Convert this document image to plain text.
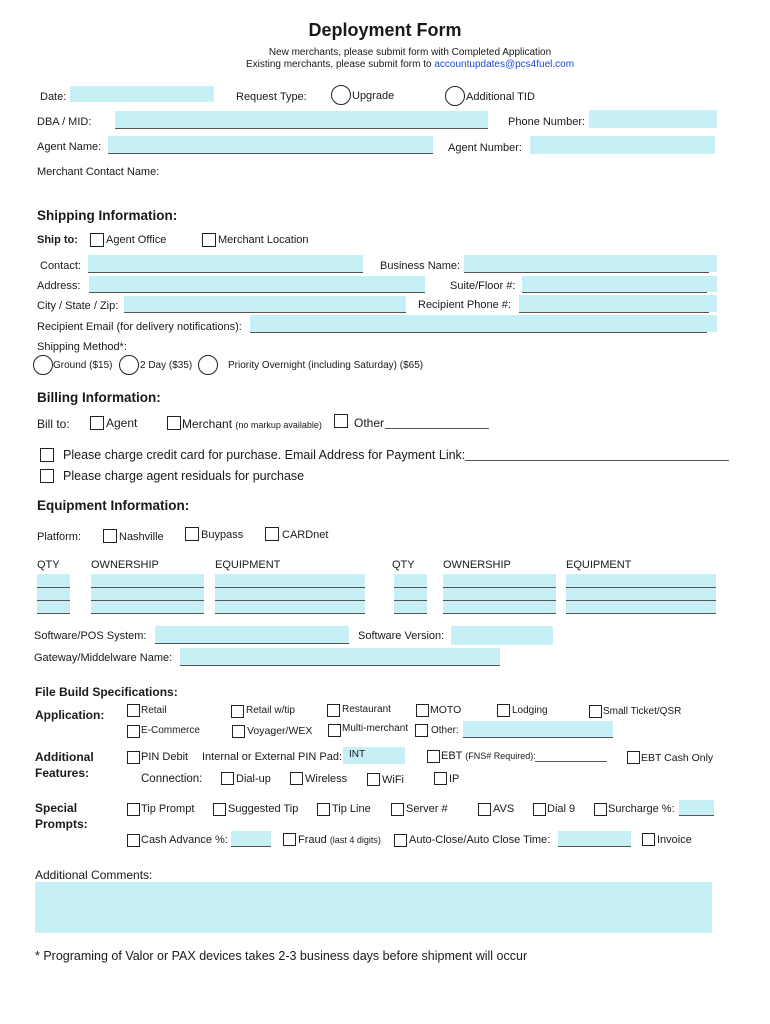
Deployment Form
New merchants, please submit form with Completed Application
Existing merchants, please submit form to accountupdates@pcs4fuel.com
Date:	Request Type:	Upgrade	Additional TID
DBA / MID:	Phone Number:
Agent Name:	Agent Number:
Merchant Contact Name:
Shipping Information:
Ship to:	Agent Office	Merchant Location
Contact:	Business Name:
Address:	Suite/Floor #:
City / State / Zip:	Recipient Phone #:
Recipient Email (for delivery notifications):
Shipping Method*:
Ground ($15)	2 Day ($35)	Priority Overnight (including Saturday) ($65)
Billing Information:
Bill to:	Agent	Merchant (no markup available)	Other
Please charge credit card for purchase. Email Address for Payment Link:
Please charge agent residuals for purchase
Equipment Information:
Platform:	Nashville	Buypass	CARDnet
QTY	OWNERSHIP	EQUIPMENT	QTY	OWNERSHIP	EQUIPMENT
Software/POS System:	Software Version:
Gateway/Middelware Name:
File Build Specifications:
Application:	Retail	Retail w/tip	Restaurant	MOTO	Lodging	Small Ticket/QSR
E-Commerce	Voyager/WEX	Multi-merchant Other:
Additional
Features:
PIN Debit Internal or External PIN Pad: INT	EBT (FNS# Required):	EBT Cash Only
Connection:	Dial-up	Wireless	WiFi	IP
Special
Prompts:
Tip Prompt	Suggested Tip	Tip Line	Server #	AVS	Dial 9	Surcharge %:
Cash Advance %:	Fraud (last 4 digits)	Auto-Close/Auto Close Time:	Invoice
Additional Comments:
* Programing of Valor or PAX devices takes 2-3 business days before shipment will occur
